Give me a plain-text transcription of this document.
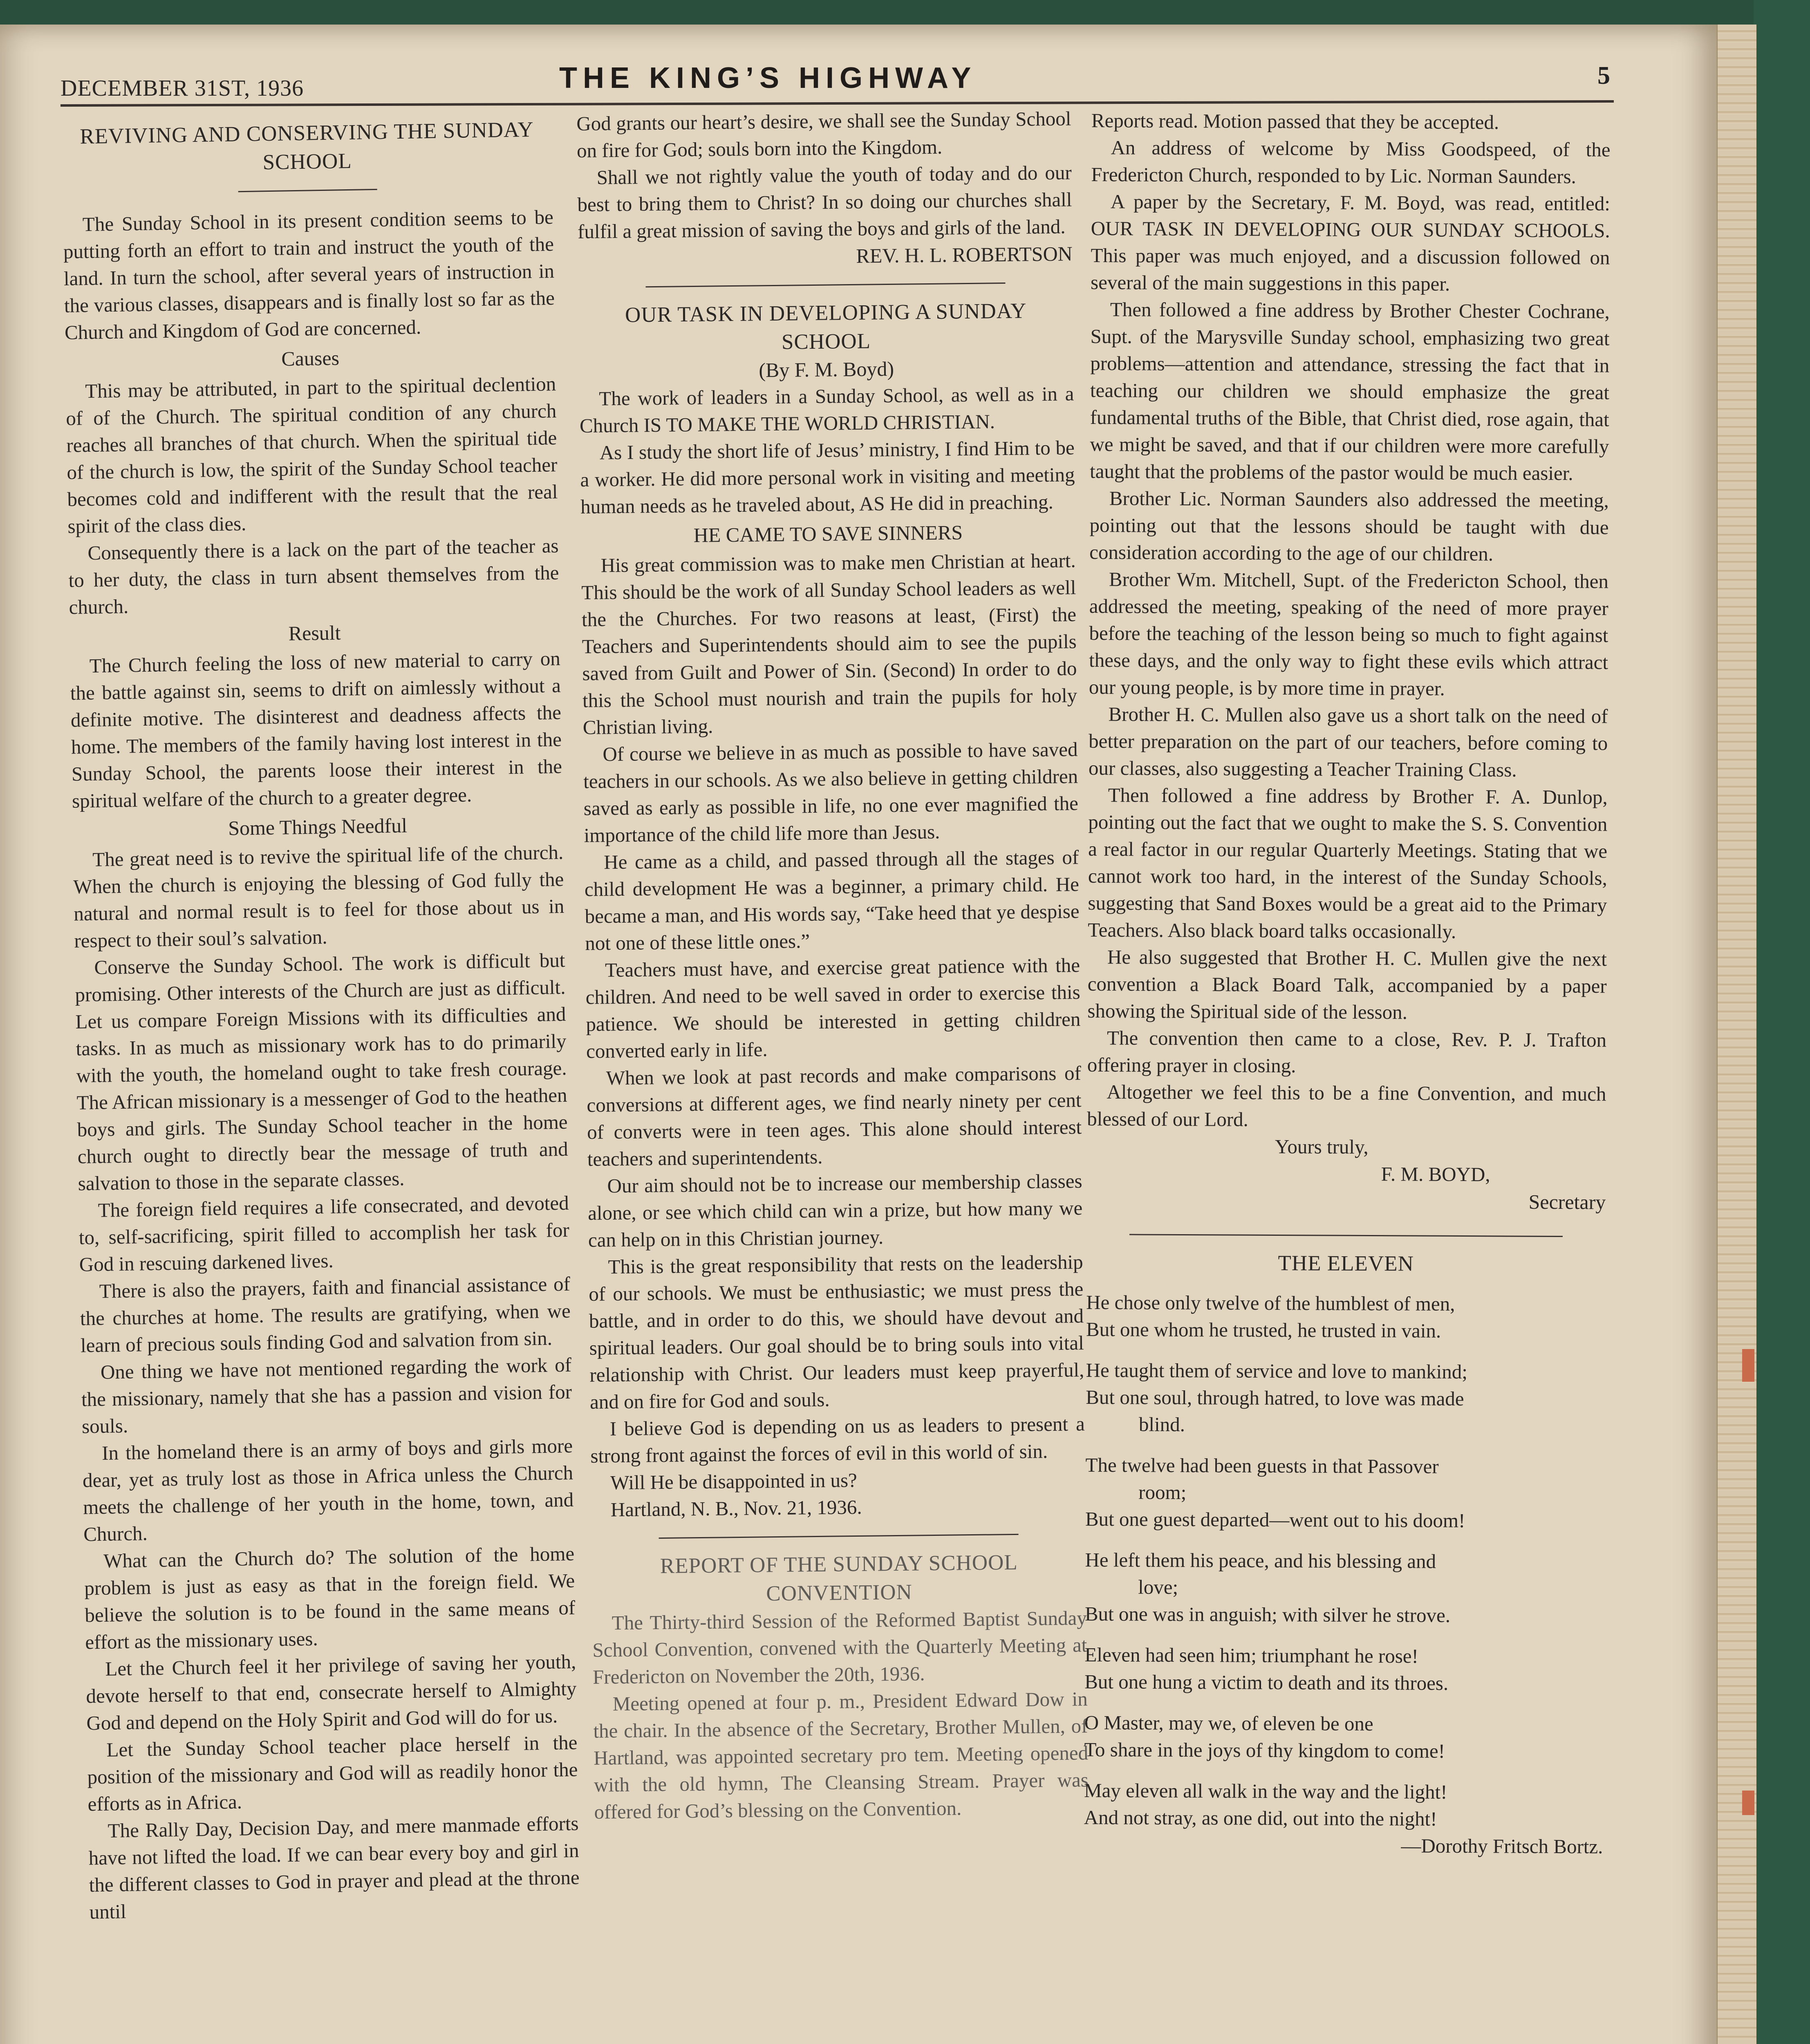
DECEMBER 31ST, 1936	THE KING’S HIGHWAY	5
REVIVING AND CONSERVING THE SUNDAY SCHOOL

The Sunday School in its present condition seems to be putting forth an effort to train and instruct the youth of the land. In turn the school, after several years of instruction in the various classes, disappears and is finally lost so far as the Church and Kingdom of God are concerned.

Causes

This may be attributed, in part to the spiritual declention of of the Church. The spiritual condition of any church reaches all branches of that church. When the spiritual tide of the church is low, the spirit of the Sunday School teacher becomes cold and indifferent with the result that the real spirit of the class dies.

Consequently there is a lack on the part of the teacher as to her duty, the class in turn absent themselves from the church.

Result

The Church feeling the loss of new material to carry on the battle against sin, seems to drift on aimlessly without a definite motive. The disinterest and deadness affects the home. The members of the family having lost interest in the Sunday School, the parents loose their interest in the spiritual welfare of the church to a greater degree.

Some Things Needful

The great need is to revive the spiritual life of the church. When the church is enjoying the blessing of God fully the natural and normal result is to feel for those about us in respect to their soul’s salvation.

Conserve the Sunday School. The work is difficult but promising. Other interests of the Church are just as difficult. Let us compare Foreign Missions with its difficulties and tasks. In as much as missionary work has to do primarily with the youth, the homeland ought to take fresh courage. The African missionary is a messenger of God to the heathen boys and girls. The Sunday School teacher in the home church ought to directly bear the message of truth and salvation to those in the separate classes.

The foreign field requires a life consecrated, and devoted to, self-sacrificing, spirit filled to accomplish her task for God in rescuing darkened lives.

There is also the prayers, faith and financial assistance of the churches at home. The results are gratifying, when we learn of precious souls finding God and salvation from sin.

One thing we have not mentioned regarding the work of the missionary, namely that she has a passion and vision for souls.

In the homeland there is an army of boys and girls more dear, yet as truly lost as those in Africa unless the Church meets the challenge of her youth in the home, town, and Church.

What can the Church do? The solution of the home problem is just as easy as that in the foreign field. We believe the solution is to be found in the same means of effort as the missionary uses.

Let the Church feel it her privilege of saving her youth, devote herself to that end, consecrate herself to Almighty God and depend on the Holy Spirit and God will do for us.

Let the Sunday School teacher place herself in the position of the missionary and God will as readily honor the efforts as in Africa.

The Rally Day, Decision Day, and mere manmade efforts have not lifted the load. If we can bear every boy and girl in the different classes to God in prayer and plead at the throne until

God grants our heart’s desire, we shall see the Sunday School on fire for God; souls born into the Kingdom.

Shall we not rightly value the youth of today and do our best to bring them to Christ? In so doing our churches shall fulfil a great mission of saving the boys and girls of the land.

REV. H. L. ROBERTSON
OUR TASK IN DEVELOPING A SUNDAY SCHOOL
(By F. M. Boyd)

The work of leaders in a Sunday School, as well as in a Church IS TO MAKE THE WORLD CHRISTIAN.

As I study the short life of Jesus’ ministry, I find Him to be a worker. He did more personal work in visiting and meeting human needs as he traveled about, AS He did in preaching.

HE CAME TO SAVE SINNERS

His great commission was to make men Christian at heart. This should be the work of all Sunday School leaders as well the the Churches. For two reasons at least, (First) the Teachers and Superintendents should aim to see the pupils saved from Guilt and Power of Sin. (Second) In order to do this the School must nourish and train the pupils for holy Christian living.

Of course we believe in as much as possible to have saved teachers in our schools. As we also believe in getting children saved as early as possible in life, no one ever magnified the importance of the child life more than Jesus.

He came as a child, and passed through all the stages of child development He was a beginner, a primary child. He became a man, and His words say, “Take heed that ye despise not one of these little ones.”

Teachers must have, and exercise great patience with the children. And need to be well saved in order to exercise this patience. We should be interested in getting children converted early in life.

When we look at past records and make comparisons of conversions at different ages, we find nearly ninety per cent of converts were in teen ages. This alone should interest teachers and superintendents.

Our aim should not be to increase our membership classes alone, or see which child can win a prize, but how many we can help on in this Christian journey.

This is the great responsibility that rests on the leadership of our schools. We must be enthusiastic; we must press the battle, and in order to do this, we should have devout and spiritual leaders. Our goal should be to bring souls into vital relationship with Christ. Our leaders must keep prayerful, and on fire for God and souls.

I believe God is depending on us as leaders to present a strong front against the forces of evil in this world of sin.

Will He be disappointed in us?

Hartland, N. B., Nov. 21, 1936.

REPORT OF THE SUNDAY SCHOOL CONVENTION

The Thirty-third Session of the Reformed Baptist Sunday School Convention, convened with the Quarterly Meeting at Fredericton on November the 20th, 1936.

Meeting opened at four p. m., President Edward Dow in the chair. In the absence of the Secretary, Brother Mullen, of Hartland, was appointed secretary pro tem. Meeting opened with the old hymn, The Cleansing Stream. Prayer was offered for God’s blessing on the Convention.

Reports read. Motion passed that they be accepted.

An address of welcome by Miss Goodspeed, of the Fredericton Church, responded to by Lic. Norman Saunders.

A paper by the Secretary, F. M. Boyd, was read, entitled: OUR TASK IN DEVELOPING OUR SUNDAY SCHOOLS. This paper was much enjoyed, and a discussion followed on several of the main suggestions in this paper.

Then followed a fine address by Brother Chester Cochrane, Supt. of the Marysville Sunday school, emphasizing two great problems—attention and attendance, stressing the fact that in teaching our children we should emphasize the great fundamental truths of the Bible, that Christ died, rose again, that we might be saved, and that if our children were more carefully taught that the problems of the pastor would be much easier.

Brother Lic. Norman Saunders also addressed the meeting, pointing out that the lessons should be taught with due consideration according to the age of our children.

Brother Wm. Mitchell, Supt. of the Fredericton School, then addressed the meeting, speaking of the need of more prayer before the teaching of the lesson being so much to fight against these days, and the only way to fight these evils which attract our young people, is by more time in prayer.

Brother H. C. Mullen also gave us a short talk on the need of better preparation on the part of our teachers, before coming to our classes, also suggesting a Teacher Training Class.

Then followed a fine address by Brother F. A. Dunlop, pointing out the fact that we ought to make the S. S. Convention a real factor in our regular Quarterly Meetings. Stating that we cannot work too hard, in the interest of the Sunday Schools, suggesting that Sand Boxes would be a great aid to the Primary Teachers. Also black board talks occasionally.

He also suggested that Brother H. C. Mullen give the next convention a Black Board Talk, accompanied by a paper showing the Spiritual side of the lesson.

The convention then came to a close, Rev. P. J. Trafton offering prayer in closing.

Altogether we feel this to be a fine Convention, and much blessed of our Lord.

Yours truly,
F. M. BOYD,
Secretary
THE ELEVEN

He chose only twelve of the humblest of men,

But one whom he trusted, he trusted in vain.

He taught them of service and love to mankind;

But one soul, through hatred, to love was made

blind.

The twelve had been guests in that Passover

room;

But one guest departed—went out to his doom!

He left them his peace, and his blessing and

love;

But one was in anguish; with silver he strove.

Eleven had seen him; triumphant he rose!

But one hung a victim to death and its throes.

O Master, may we, of eleven be one

To share in the joys of thy kingdom to come!

May eleven all walk in the way and the light!

And not stray, as one did, out into the night!

—Dorothy Fritsch Bortz.
